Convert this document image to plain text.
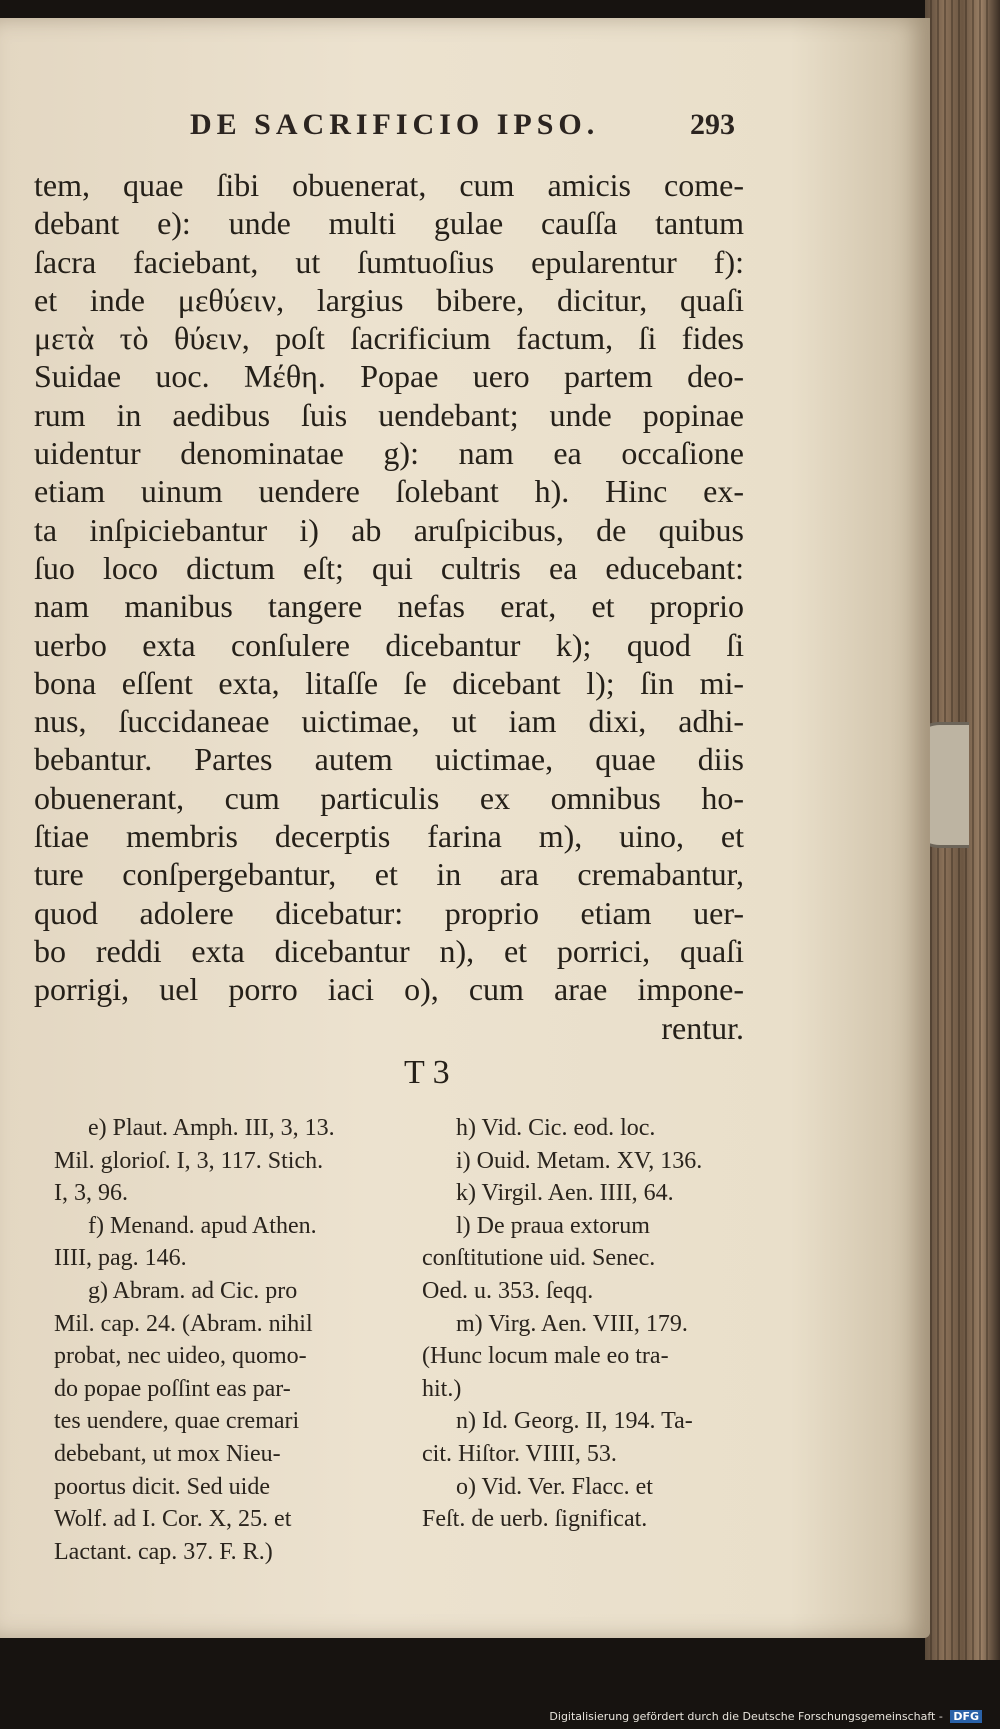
DE SACRIFICIO IPSO.	293
tem, quae ſibi obuenerat, cum amicis come-
debant e): unde multi gulae cauſſa tantum
ſacra faciebant, ut ſumtuoſius epularentur f):
et inde μεθύειν, largius bibere, dicitur, quaſi
μετὰ τὸ θύειν, poſt ſacrificium factum, ſi fides
Suidae uoc. Μέθη. Popae uero partem deo-
rum in aedibus ſuis uendebant; unde popinae
uidentur denominatae g): nam ea occaſione
etiam uinum uendere ſolebant h). Hinc ex-
ta inſpiciebantur i) ab aruſpicibus, de quibus
ſuo loco dictum eſt; qui cultris ea educebant:
nam manibus tangere nefas erat, et proprio
uerbo exta conſulere dicebantur k); quod ſi
bona eſſent exta, litaſſe ſe dicebant l); ſin mi-
nus, ſuccidaneae uictimae, ut iam dixi, adhi-
bebantur. Partes autem uictimae, quae diis
obuenerant, cum particulis ex omnibus ho-
ſtiae membris decerptis farina m), uino, et
ture conſpergebantur, et in ara cremabantur,
quod adolere dicebatur: proprio etiam uer-
bo reddi exta dicebantur n), et porrici, quaſi
porrigi, uel porro iaci o), cum arae impone-
rentur.
T 3
e) Plaut. Amph. III, 3, 13.
Mil. glorioſ. I, 3, 117. Stich.
I, 3, 96.
f) Menand. apud Athen.
IIII, pag. 146.
g) Abram. ad Cic. pro
Mil. cap. 24. (Abram. nihil
probat, nec uideo, quomo-
do popae poſſint eas par-
tes uendere, quae cremari
debebant, ut mox Nieu-
poortus dicit. Sed uide
Wolf. ad I. Cor. X, 25. et
Lactant. cap. 37. F. R.)
h) Vid. Cic. eod. loc.
i) Ouid. Metam. XV, 136.
k) Virgil. Aen. IIII, 64.
l) De praua extorum
conſtitutione uid. Senec.
Oed. u. 353. ſeqq.
m) Virg. Aen. VIII, 179.
(Hunc locum male eo tra-
hit.)
n) Id. Georg. II, 194. Ta-
cit. Hiſtor. VIIII, 53.
o) Vid. Ver. Flacc. et
Feſt. de uerb. ſignificat.
Digitalisierung gefördert durch die Deutsche Forschungsgemeinschaft - DFG
